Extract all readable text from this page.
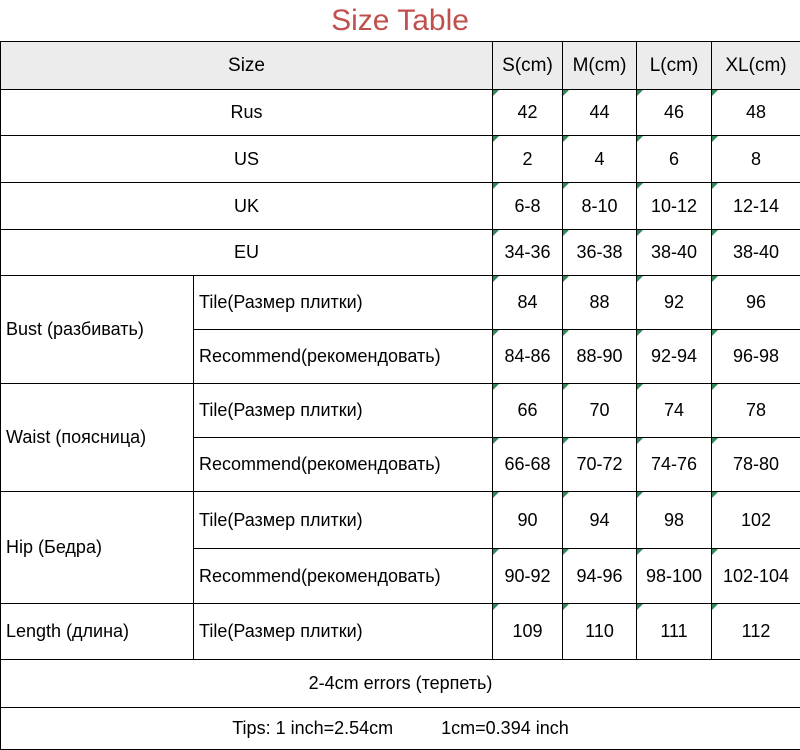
Size Table
Size		S(cm)	M(cm)	L(cm)	XL(cm)
Rus		42	44	46	48
US		2	4	6	8
UK		6-8	8-10	10-12	12-14
EU		34-36	36-38	38-40	38-40
Bust (разбивать)	Tile(Размер плитки)	84	88	92	96
	Recommend(рекомендовать)	84-86	88-90	92-94	96-98
Waist (поясница)	Tile(Размер плитки)	66	70	74	78
	Recommend(рекомендовать)	66-68	70-72	74-76	78-80
Hip (Бедра)	Tile(Размер плитки)	90	94	98	102
	Recommend(рекомендовать)	90-92	94-96	98-100	102-104
Length (длина)	Tile(Размер плитки)	109	110	111	112
2-4cm errors (терпеть)					
Tips: 1 inch=2.54cm 1cm=0.394 inch					
